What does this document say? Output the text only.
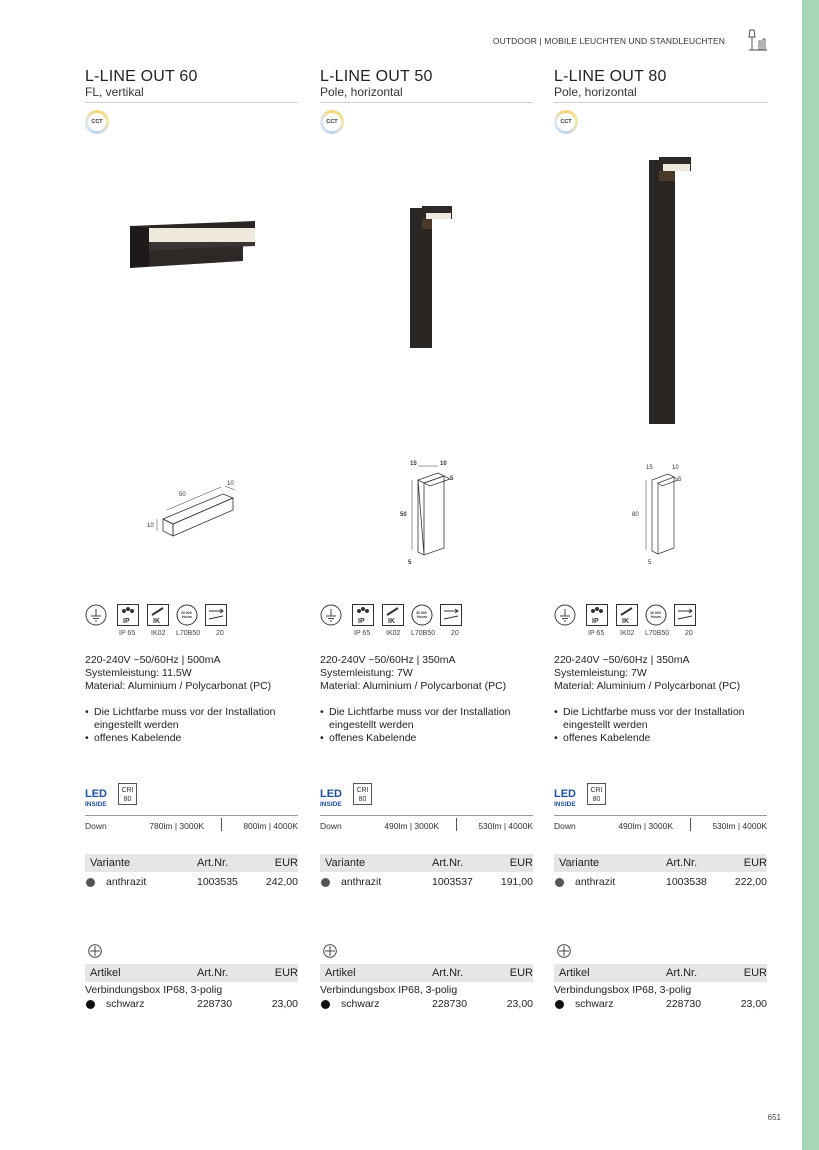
OUTDOOR | MOBILE LEUCHTEN UND STANDLEUCHTEN
651
L-LINE OUT 60
FL, vertikal
CCT
50
10
10
IP	IK
30 000
Hours
IP 65 IK02 L70B50 20
220-240V ~50/60Hz | 500mA
Systemleistung: 11.5W
Material: Aluminium / Polycarbonat (PC)
• Die Lichtfarbe muss vor der Installation eingestellt werden
• offenes Kabelende
LED
INSIDE
CRI
80
Down	780lm | 3000K	800lm | 4000K
Variante	Art.Nr.	EUR
anthrazit	1003535	242,00
Artikel	Art.Nr.	EUR
Verbindungsbox IP68, 3-polig
schwarz	228730	23,00
L-LINE OUT 50
Pole, horizontal
CCT
15	10
5
50
5
IP	IK
30 000
Hours
IP 65 IK02 L70B50 20
220-240V ~50/60Hz | 350mA
Systemleistung: 7W
Material: Aluminium / Polycarbonat (PC)
• Die Lichtfarbe muss vor der Installation eingestellt werden
• offenes Kabelende
LED
INSIDE
CRI
80
Down	490lm | 3000K	530lm | 4000K
Variante	Art.Nr.	EUR
anthrazit	1003537	191,00
Artikel	Art.Nr.	EUR
Verbindungsbox IP68, 3-polig
schwarz	228730	23,00
L-LINE OUT 80
Pole, horizontal
CCT
15	10
5
80
5
IP	IK
30 000
Hours
IP 65 IK02 L70B50 20
220-240V ~50/60Hz | 350mA
Systemleistung: 7W
Material: Aluminium / Polycarbonat (PC)
• Die Lichtfarbe muss vor der Installation eingestellt werden
• offenes Kabelende
LED
INSIDE
CRI
80
Down	490lm | 3000K	530lm | 4000K
Variante	Art.Nr.	EUR
anthrazit	1003538	222,00
Artikel	Art.Nr.	EUR
Verbindungsbox IP68, 3-polig
schwarz	228730	23,00
